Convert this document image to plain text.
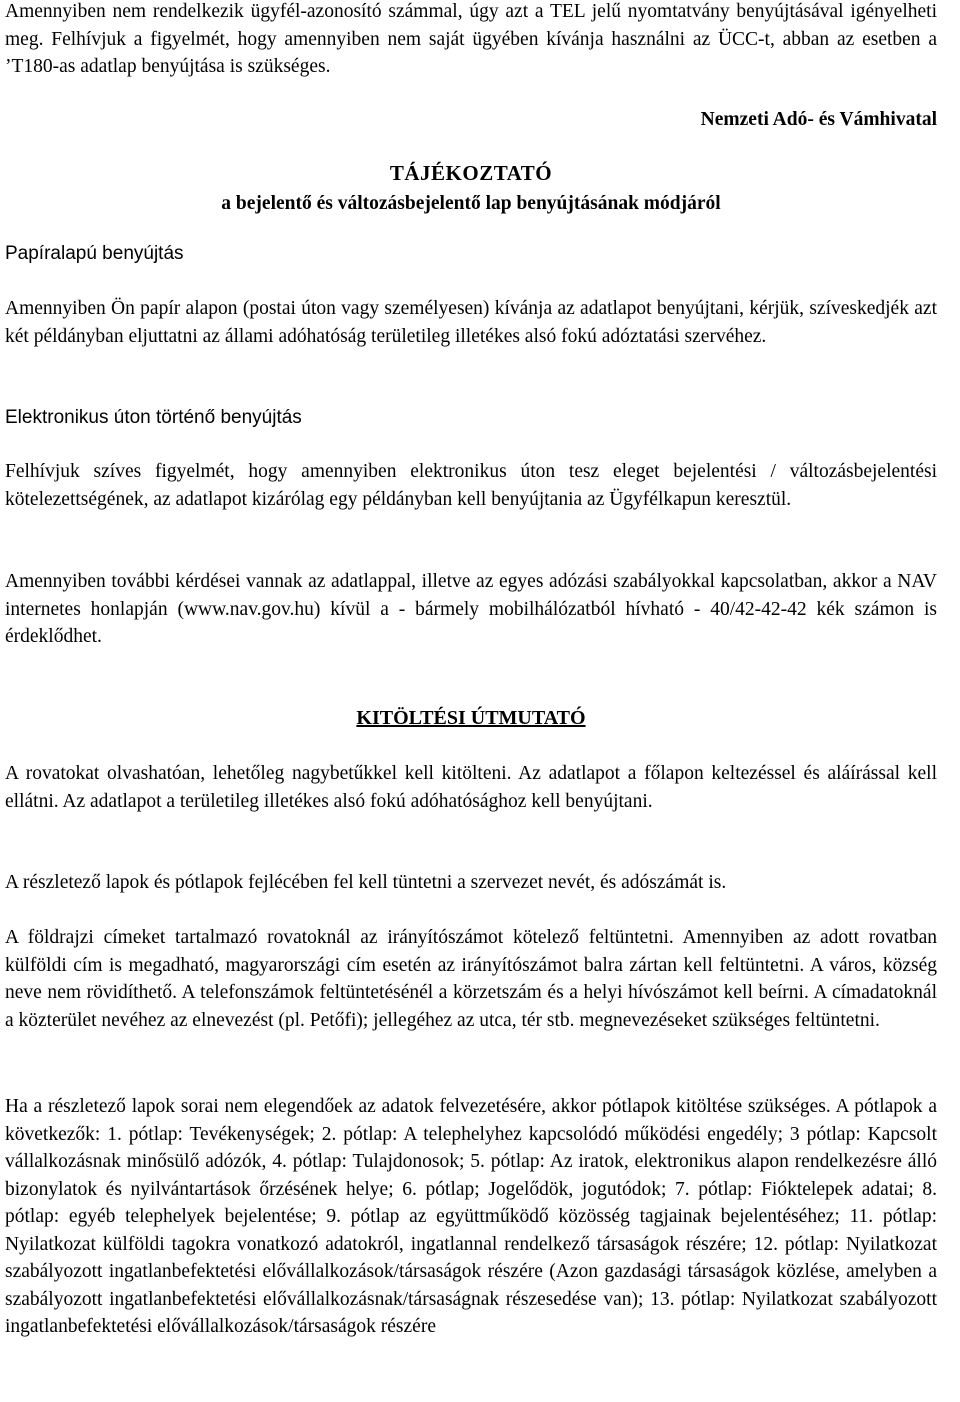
Amennyiben nem rendelkezik ügyfél-azonosító számmal, úgy azt a TEL jelű nyomtatvány benyújtásával igényelheti meg. Felhívjuk a figyelmét, hogy amennyiben nem saját ügyében kívánja használni az ÜCC-t, abban az esetben a ’T180-as adatlap benyújtása is szükséges.

Nemzeti Adó- és Vámhivatal

TÁJÉKOZTATÓ
a bejelentő és változásbejelentő lap benyújtásának módjáról

Papíralapú benyújtás

Amennyiben Ön papír alapon (postai úton vagy személyesen) kívánja az adatlapot benyújtani, kérjük, szíveskedjék azt két példányban eljuttatni az állami adóhatóság területileg illetékes alsó fokú adóztatási szervéhez.

Elektronikus úton történő benyújtás

Felhívjuk szíves figyelmét, hogy amennyiben elektronikus úton tesz eleget bejelentési / változásbejelentési kötelezettségének, az adatlapot kizárólag egy példányban kell benyújtania az Ügyfélkapun keresztül.

Amennyiben további kérdései vannak az adatlappal, illetve az egyes adózási szabályokkal kapcsolatban, akkor a NAV internetes honlapján (www.nav.gov.hu) kívül a - bármely mobilhálózatból hívható - 40/42-42-42 kék számon is érdeklődhet.

KITÖLTÉSI ÚTMUTATÓ

A rovatokat olvashatóan, lehetőleg nagybetűkkel kell kitölteni. Az adatlapot a főlapon keltezéssel és aláírással kell ellátni. Az adatlapot a területileg illetékes alsó fokú adóhatósághoz kell benyújtani.

A részletező lapok és pótlapok fejlécében fel kell tüntetni a szervezet nevét, és adószámát is.

A földrajzi címeket tartalmazó rovatoknál az irányítószámot kötelező feltüntetni. Amennyiben az adott rovatban külföldi cím is megadható, magyarországi cím esetén az irányítószámot balra zártan kell feltüntetni. A város, község neve nem rövidíthető. A telefonszámok feltüntetésénél a körzetszám és a helyi hívószámot kell beírni. A címadatoknál a közterület nevéhez az elnevezést (pl. Petőfi); jellegéhez az utca, tér stb. megnevezéseket szükséges feltüntetni.

Ha a részletező lapok sorai nem elegendőek az adatok felvezetésére, akkor pótlapok kitöltése szükséges. A pótlapok a következők: 1. pótlap: Tevékenységek; 2. pótlap: A telephelyhez kapcsolódó működési engedély; 3 pótlap: Kapcsolt vállalkozásnak minősülő adózók, 4. pótlap: Tulajdonosok; 5. pótlap: Az iratok, elektronikus alapon rendelkezésre álló bizonylatok és nyilvántartások őrzésének helye; 6. pótlap; Jogelődök, jogutódok; 7. pótlap: Fióktelepek adatai; 8. pótlap: egyéb telephelyek bejelentése; 9. pótlap az együttműködő közösség tagjainak bejelentéséhez; 11. pótlap: Nyilatkozat külföldi tagokra vonatkozó adatokról, ingatlannal rendelkező társaságok részére; 12. pótlap: Nyilatkozat szabályozott ingatlanbefektetési elővállalkozások/társaságok részére (Azon gazdasági társaságok közlése, amelyben a szabályozott ingatlanbefektetési elővállalkozásnak/társaságnak részesedése van); 13. pótlap: Nyilatkozat szabályozott ingatlanbefektetési elővállalkozások/társaságok részére
